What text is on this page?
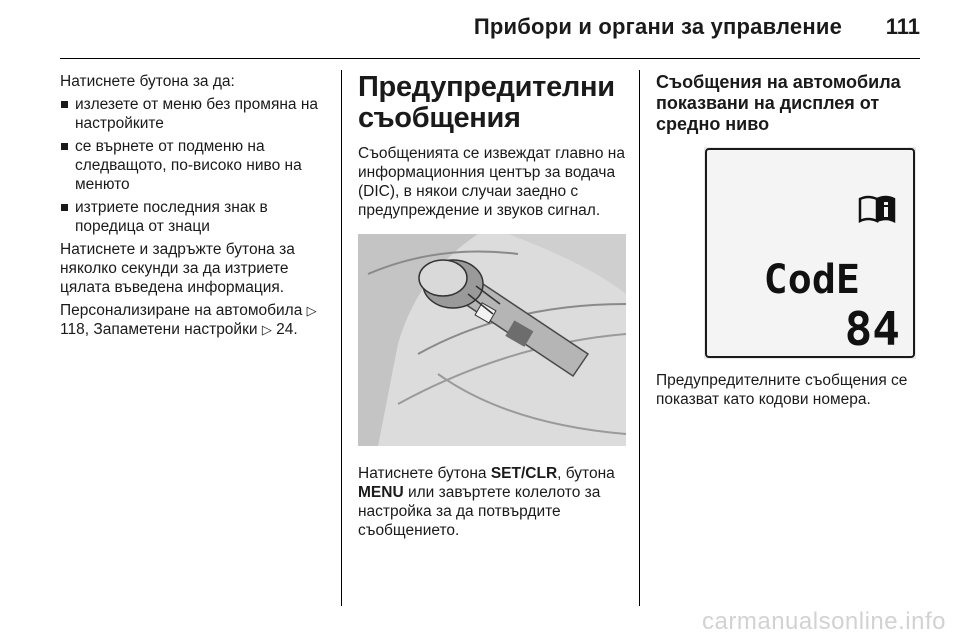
Прибори и органи за управление 111

Натиснете бутона за да:

излезете от меню без промяна на настройките
се върнете от подменю на следващото, по-високо ниво на менюто
изтриете последния знак в поредица от знаци

Натиснете и задръжте бутона за няколко секунди за да изтриете цялата въведена информация.

Персонализиране на автомобила ▷ 118, Запаметени настройки ▷ 24.

Предупредителни съобщения

Съобщенията се извеждат главно на информационния център за водача (DIC), в някои случаи заедно с предупреждение и звуков сигнал.

Натиснете бутона SET/CLR, бутона MENU или завъртете колелото за настройка за да потвърдите съобщението.

Съобщения на автомобила показвани на дисплея от средно ниво
CodE
84

Предупредителните съобщения се показват като кодови номера.

carmanualsonline.info
